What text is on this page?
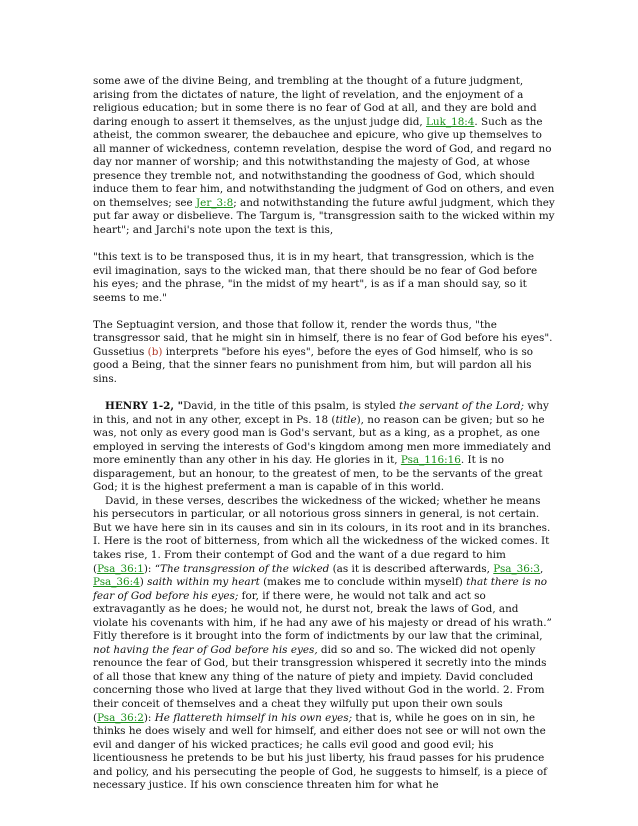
some awe of the divine Being, and trembling at the thought of a future judgment, arising from the dictates of nature, the light of revelation, and the enjoyment of a religious education; but in some there is no fear of God at all, and they are bold and daring enough to assert it themselves, as the unjust judge did, Luk_18:4. Such as the atheist, the common swearer, the debauchee and epicure, who give up themselves to all manner of wickedness, contemn revelation, despise the word of God, and regard no day nor manner of worship; and this notwithstanding the majesty of God, at whose presence they tremble not, and notwithstanding the goodness of God, which should induce them to fear him, and notwithstanding the judgment of God on others, and even on themselves; see Jer_3:8; and notwithstanding the future awful judgment, which they put far away or disbelieve. The Targum is, "transgression saith to the wicked within my heart"; and Jarchi's note upon the text is this,

"this text is to be transposed thus, it is in my heart, that transgression, which is the evil imagination, says to the wicked man, that there should be no fear of God before his eyes; and the phrase, "in the midst of my heart", is as if a man should say, so it seems to me."

The Septuagint version, and those that follow it, render the words thus, "the transgressor said, that he might sin in himself, there is no fear of God before his eyes". Gussetius (b) interprets "before his eyes", before the eyes of God himself, who is so good a Being, that the sinner fears no punishment from him, but will pardon all his sins.

HENRY 1-2, "David, in the title of this psalm, is styled the servant of the Lord; why in this, and not in any other, except in Ps. 18 (title), no reason can be given; but so he was, not only as every good man is God's servant, but as a king, as a prophet, as one employed in serving the interests of God's kingdom among men more immediately and more eminently than any other in his day. He glories in it, Psa_116:16. It is no disparagement, but an honour, to the greatest of men, to be the servants of the great God; it is the highest preferment a man is capable of in this world.

David, in these verses, describes the wickedness of the wicked; whether he means his persecutors in particular, or all notorious gross sinners in general, is not certain. But we have here sin in its causes and sin in its colours, in its root and in its branches.

I. Here is the root of bitterness, from which all the wickedness of the wicked comes. It takes rise, 1. From their contempt of God and the want of a due regard to him (Psa_36:1): “The transgression of the wicked (as it is described afterwards, Psa_36:3, Psa_36:4) saith within my heart (makes me to conclude within myself) that there is no fear of God before his eyes; for, if there were, he would not talk and act so extravagantly as he does; he would not, he durst not, break the laws of God, and violate his covenants with him, if he had any awe of his majesty or dread of his wrath.” Fitly therefore is it brought into the form of indictments by our law that the criminal, not having the fear of God before his eyes, did so and so. The wicked did not openly renounce the fear of God, but their transgression whispered it secretly into the minds of all those that knew any thing of the nature of piety and impiety. David concluded concerning those who lived at large that they lived without God in the world. 2. From their conceit of themselves and a cheat they wilfully put upon their own souls (Psa_36:2): He flattereth himself in his own eyes; that is, while he goes on in sin, he thinks he does wisely and well for himself, and either does not see or will not own the evil and danger of his wicked practices; he calls evil good and good evil; his licentiousness he pretends to be but his just liberty, his fraud passes for his prudence and policy, and his persecuting the people of God, he suggests to himself, is a piece of necessary justice. If his own conscience threaten him for what he
